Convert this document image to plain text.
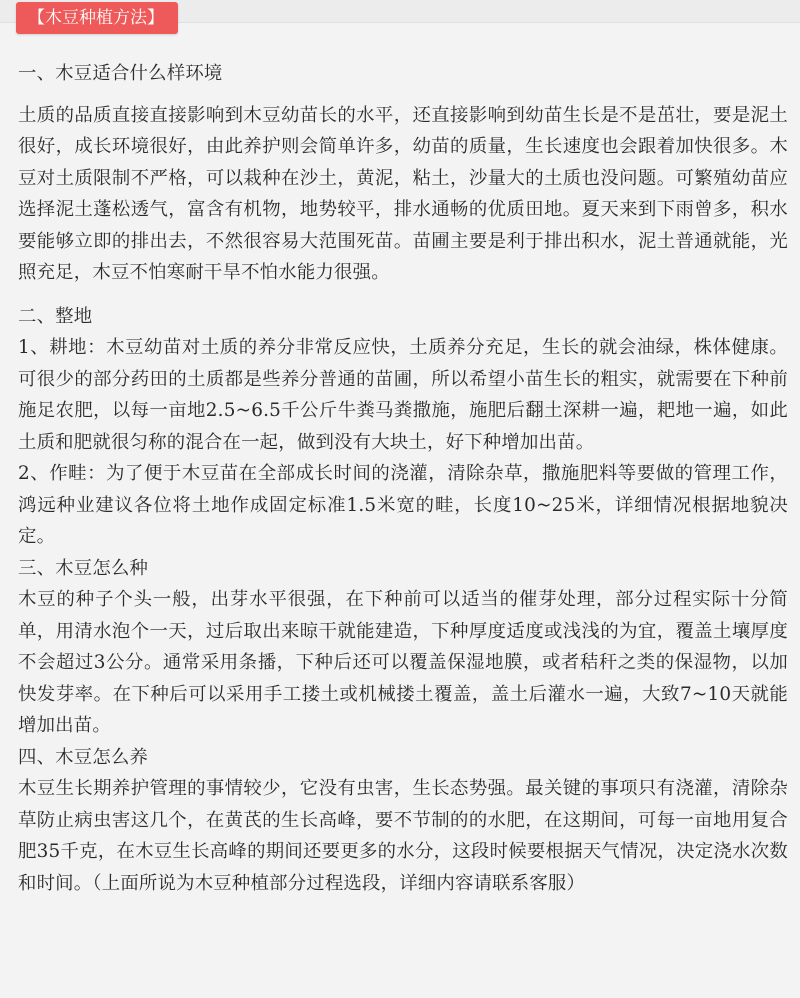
【木豆种植方法】

一、木豆适合什么样环境

土质的品质直接直接影响到木豆幼苗长的水平，还直接影响到幼苗生长是不是茁壮，要是泥土很好，成长环境很好，由此养护则会简单许多，幼苗的质量，生长速度也会跟着加快很多。木豆对土质限制不严格，可以栽种在沙土，黄泥，粘土，沙量大的土质也没问题。可繁殖幼苗应选择泥土蓬松透气，富含有机物，地势较平，排水通畅的优质田地。夏天来到下雨曾多，积水要能够立即的排出去，不然很容易大范围死苗。苗圃主要是利于排出积水，泥土普通就能，光照充足，木豆不怕寒耐干旱不怕水能力很强。

二、整地

1、耕地：木豆幼苗对土质的养分非常反应快，土质养分充足，生长的就会油绿，株体健康。可很少的部分药田的土质都是些养分普通的苗圃，所以希望小苗生长的粗实，就需要在下种前施足农肥，以每一亩地2.5~6.5千公斤牛粪马粪撒施，施肥后翻土深耕一遍，耙地一遍，如此土质和肥就很匀称的混合在一起，做到没有大块土，好下种增加出苗。

2、作畦：为了便于木豆苗在全部成长时间的浇灌，清除杂草，撒施肥料等要做的管理工作，鸿远种业建议各位将土地作成固定标准1.5米宽的畦，长度10~25米，详细情况根据地貌决定。

三、木豆怎么种

木豆的种子个头一般，出芽水平很强，在下种前可以适当的催芽处理，部分过程实际十分简单，用清水泡个一天，过后取出来晾干就能建造，下种厚度适度或浅浅的为宜，覆盖土壤厚度不会超过3公分。通常采用条播，下种后还可以覆盖保湿地膜，或者秸秆之类的保湿物，以加快发芽率。在下种后可以采用手工搂土或机械搂土覆盖，盖土后灌水一遍，大致7~10天就能增加出苗。

四、木豆怎么养

木豆生长期养护管理的事情较少，它没有虫害，生长态势强。最关键的事项只有浇灌，清除杂草防止病虫害这几个，在黄芪的生长高峰，要不节制的的水肥，在这期间，可每一亩地用复合肥35千克，在木豆生长高峰的期间还要更多的水分，这段时候要根据天气情况，决定浇水次数和时间。（上面所说为木豆种植部分过程选段，详细内容请联系客服）
